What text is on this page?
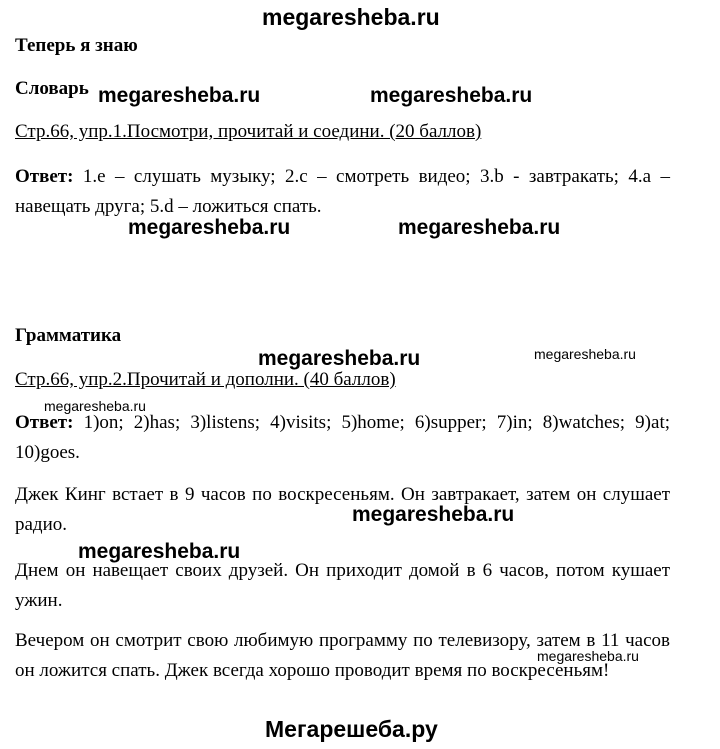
megaresheba.ru
Теперь я знаю
Словарь megaresheba.ru	megaresheba.ru
Стр.66, упр.1.Посмотри, прочитай и соедини. (20 баллов)
Ответ: 1.e – слушать музыку; 2.c – смотреть видео; 3.b - завтракать; 4.a – навещать друга; 5.d – ложиться спать.
megaresheba.ru	megaresheba.ru
Грамматика
megaresheba.ru	megaresheba.ru
Стр.66, упр.2.Прочитай и дополни. (40 баллов)
megaresheba.ru
Ответ: 1)on; 2)has; 3)listens; 4)visits; 5)home; 6)supper; 7)in; 8)watches; 9)at; 10)goes.
Джек Кинг встает в 9 часов по воскресеньям. Он завтракает, затем он слушает радио.	megaresheba.ru
megaresheba.ru
Днем он навещает своих друзей. Он приходит домой в 6 часов, потом кушает ужин.
Вечером он смотрит свою любимую программу по телевизору, затем в 11 часов он ложится спать. Джек всегда хорошо проводит время по воскресеньям!
megaresheba.ru
Мегарешеба.ру
